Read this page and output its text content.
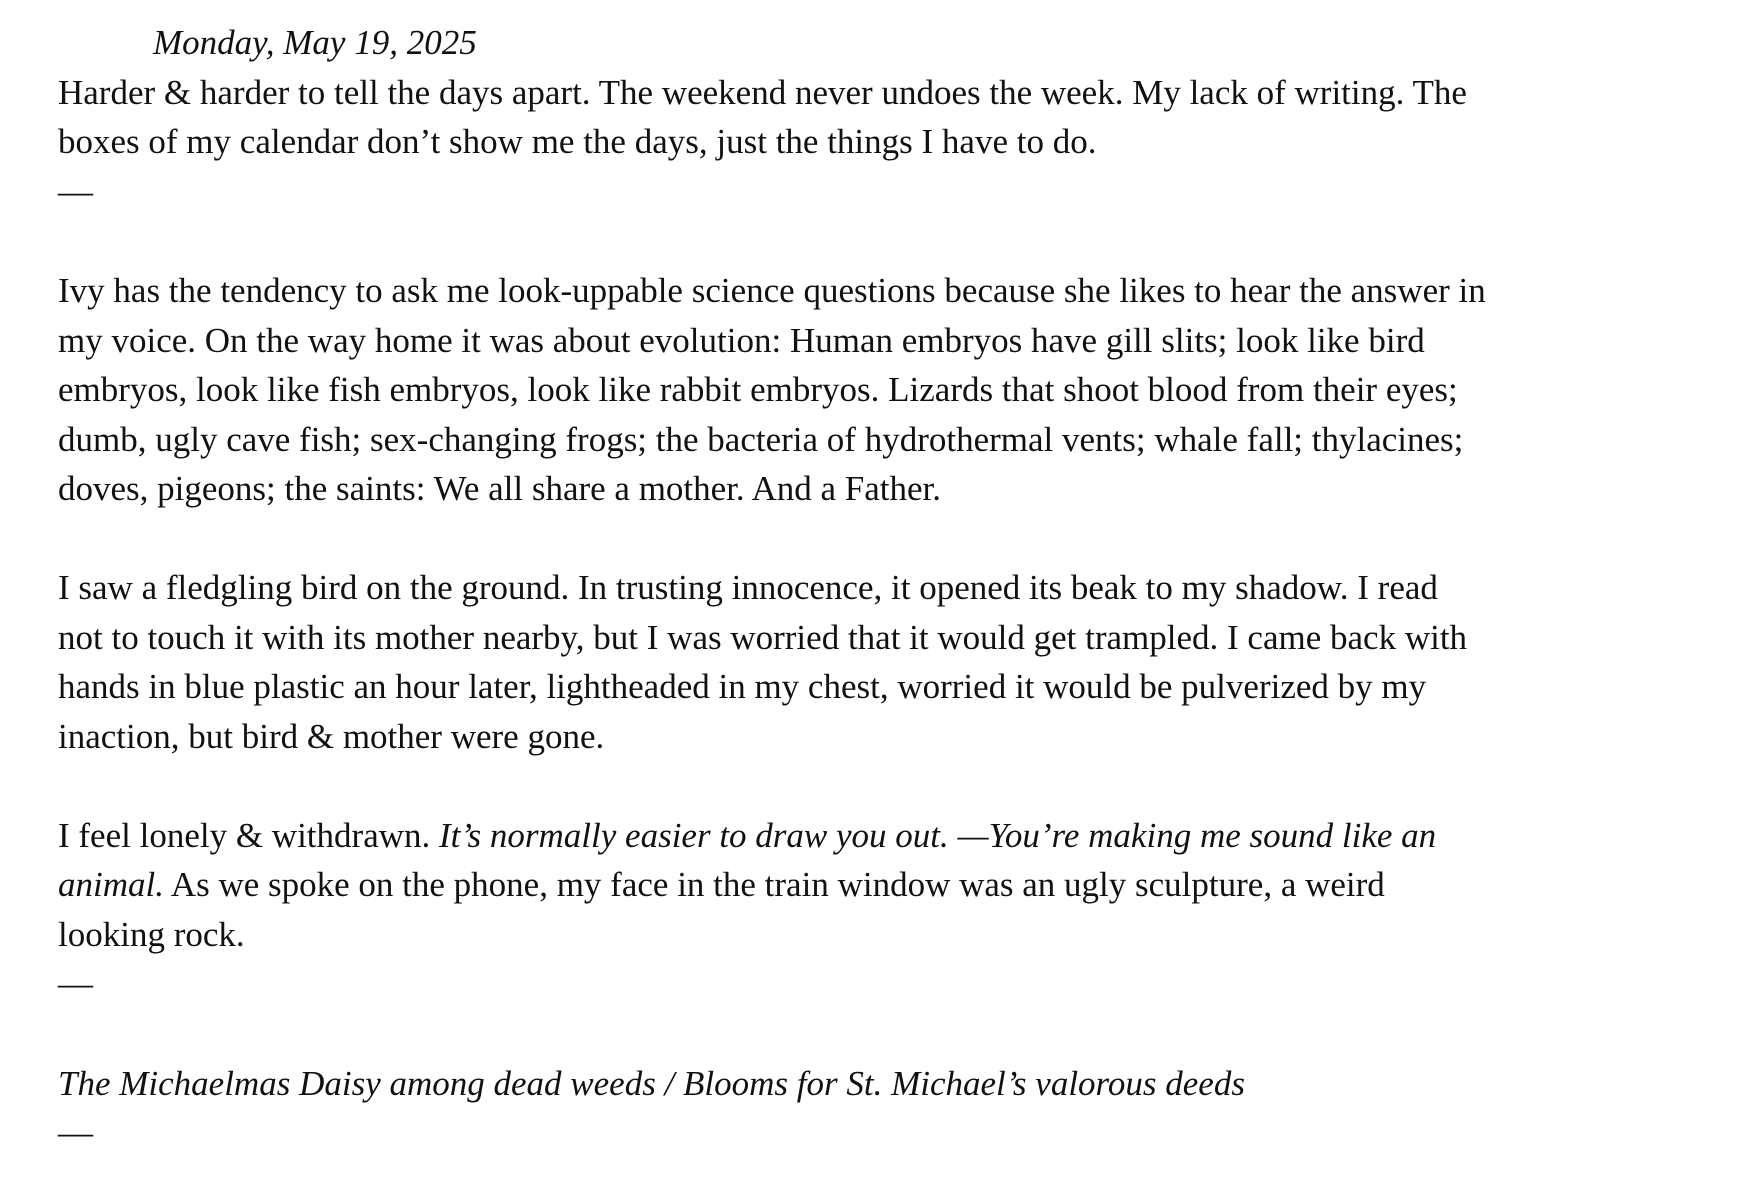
Monday, May 19, 2025

Harder & harder to tell the days apart. The weekend never undoes the week. My lack of writing. The boxes of my calendar don’t show me the days, just the things I have to do.

—

Ivy has the tendency to ask me look-uppable science questions because she likes to hear the answer in my voice. On the way home it was about evolution: Human embryos have gill slits; look like bird embryos, look like fish embryos, look like rabbit embryos. Lizards that shoot blood from their eyes; dumb, ugly cave fish; sex-changing frogs; the bacteria of hydrothermal vents; whale fall; thylacines; doves, pigeons; the saints: We all share a mother. And a Father.

I saw a fledgling bird on the ground. In trusting innocence, it opened its beak to my shadow. I read not to touch it with its mother nearby, but I was worried that it would get trampled. I came back with hands in blue plastic an hour later, lightheaded in my chest, worried it would be pulverized by my inaction, but bird & mother were gone.

I feel lonely & withdrawn. It’s normally easier to draw you out. —You’re making me sound like an animal. As we spoke on the phone, my face in the train window was an ugly sculpture, a weird looking rock.

—

The Michaelmas Daisy among dead weeds / Blooms for St. Michael’s valorous deeds

—
